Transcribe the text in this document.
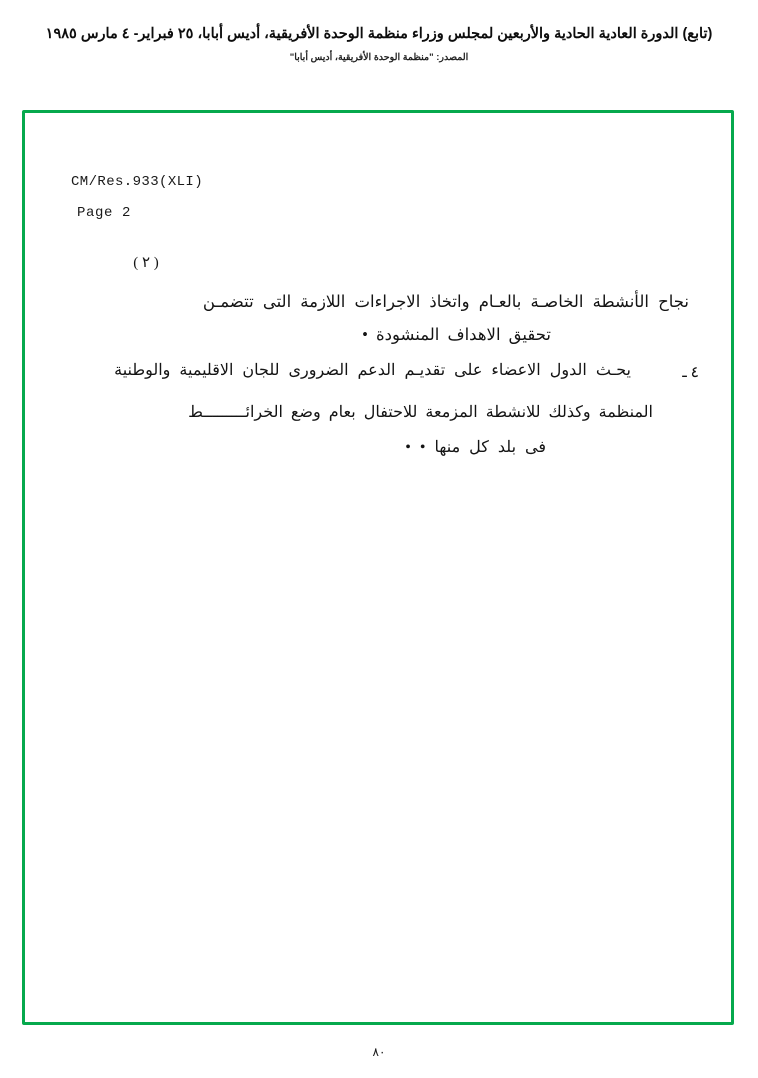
(تابع) الدورة العادية الحادية والأربعين لمجلس وزراء منظمة الوحدة الأفريقية، أديس أبابا، ٢٥ فبراير- ٤ مارس ١٩٨٥
المصدر: "منظمة الوحدة الأفريقية، أديس أبابا"
CM/Res.933(XLI)
Page 2
( ٢ )
نجاح الأنشطة الخاصـة بالعـام واتخاذ الاجراءات اللازمة التى تتضمـن
تحقيق الاهداف المنشودة •
٤ ـ
يحـث الدول الاعضاء على تقديـم الدعم الضرورى للجان الاقليمية والوطنية
المنظمة وكذلك للانشطة المزمعة للاحتفال بعام وضع الخرائـــــــــط
فى بلد كل منها • •
٨٠
